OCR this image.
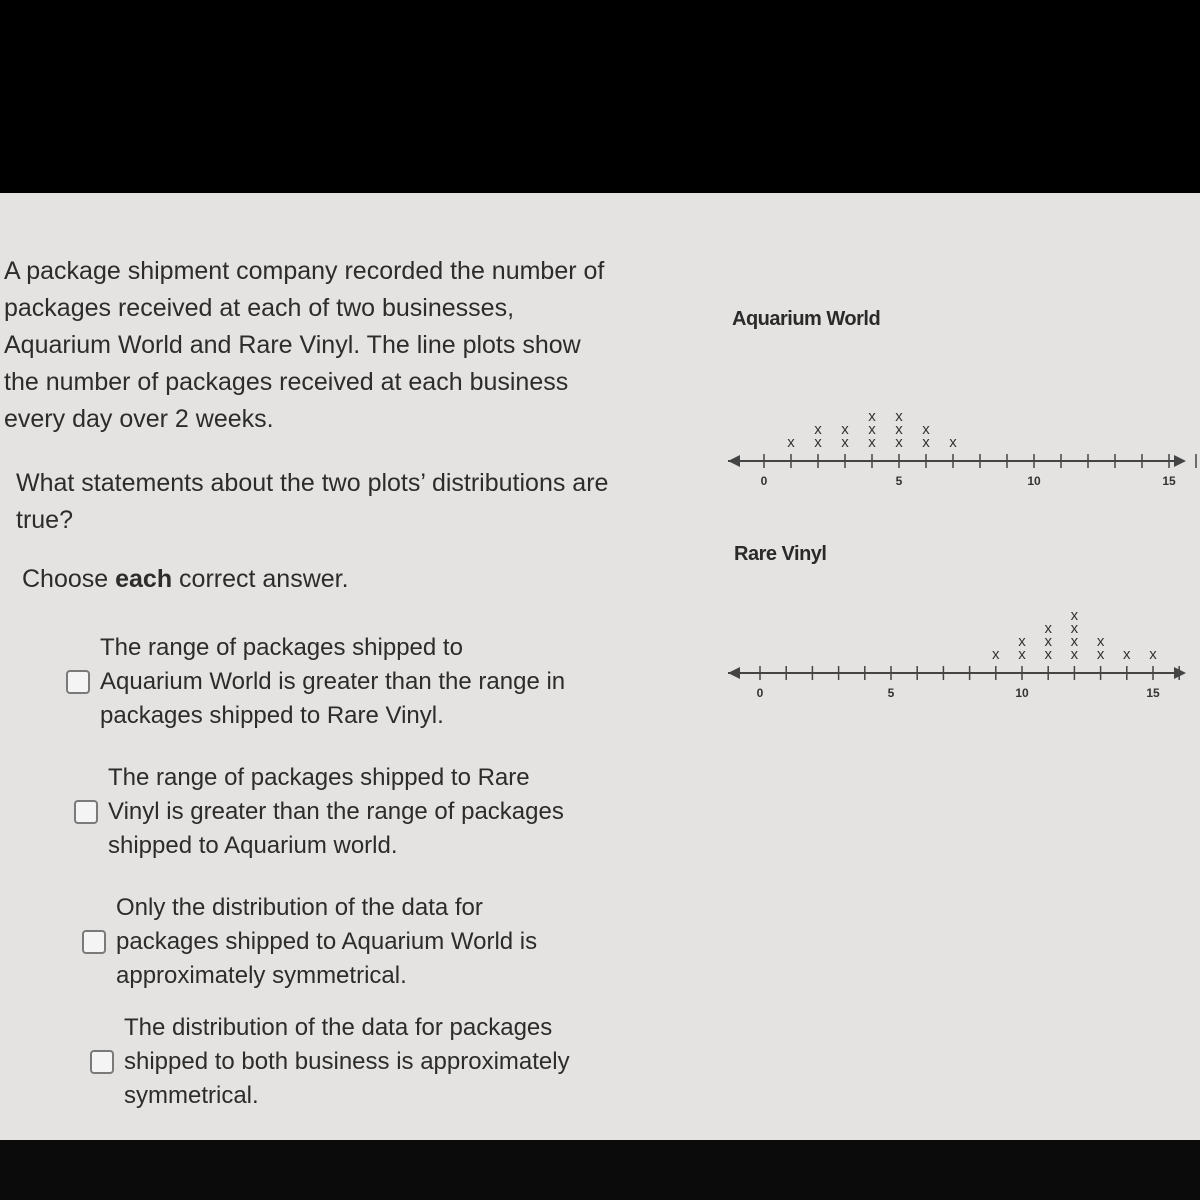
A package shipment company recorded the number of

packages received at each of two businesses,

Aquarium World and Rare Vinyl. The line plots show

the number of packages received at each business

every day over 2 weeks.

What statements about the two plots’ distributions are
true?
Choose each correct answer.
The range of packages shipped to
Aquarium World is greater than the range in
packages shipped to Rare Vinyl.
The range of packages shipped to Rare
Vinyl is greater than the range of packages
shipped to Aquarium world.
Only the distribution of the data for
packages shipped to Aquarium World is
approximately symmetrical.
The distribution of the data for packages
shipped to both business is approximately
symmetrical.
Aquarium World
0	5	10	15
x x
x
x
x
x
x
x
x
x
x
x
x
x
Rare Vinyl
0	5	10	15
x x
x
x
x
x
x
x
x
x
x
x
x x
